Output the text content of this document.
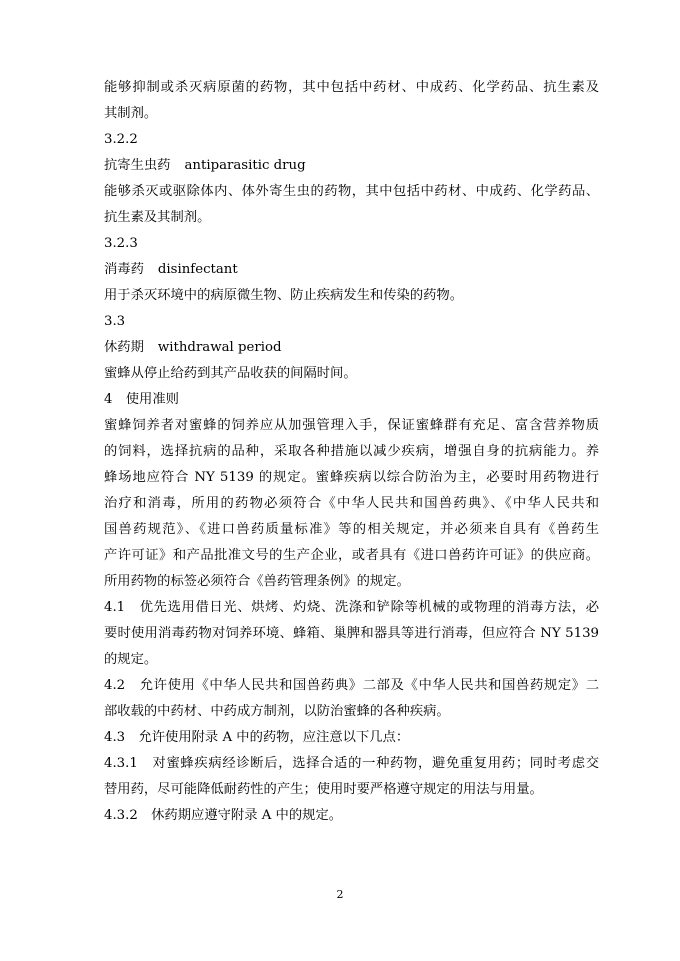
能够抑制或杀灭病原菌的药物，其中包括中药材、中成药、化学药品、抗生素及
其制剂。
3.2.2
抗寄生虫药 antiparasitic drug
能够杀灭或驱除体内、体外寄生虫的药物，其中包括中药材、中成药、化学药品、
抗生素及其制剂。
3.2.3
消毒药 disinfectant
用于杀灭环境中的病原微生物、防止疾病发生和传染的药物。
3.3
休药期 withdrawal period
蜜蜂从停止给药到其产品收获的间隔时间。
4　使用准则
蜜蜂饲养者对蜜蜂的饲养应从加强管理入手，保证蜜蜂群有充足、富含营养物质
的饲料，选择抗病的品种，采取各种措施以减少疾病，增强自身的抗病能力。养
蜂场地应符合 NY 5139 的规定。蜜蜂疾病以综合防治为主，必要时用药物进行
治疗和消毒，所用的药物必须符合《中华人民共和国兽药典》、《中华人民共和
国兽药规范》、《进口兽药质量标准》等的相关规定，并必须来自具有《兽药生
产许可证》和产品批准文号的生产企业，或者具有《进口兽药许可证》的供应商。
所用药物的标签必须符合《兽药管理条例》的规定。
4.1　优先选用借日光、烘烤、灼烧、洗涤和铲除等机械的或物理的消毒方法，必
要时使用消毒药物对饲养环境、蜂箱、巢脾和器具等进行消毒，但应符合 NY 5139
的规定。
4.2　允许使用《中华人民共和国兽药典》二部及《中华人民共和国兽药规定》二
部收载的中药材、中药成方制剂，以防治蜜蜂的各种疾病。
4.3　允许使用附录 A 中的药物，应注意以下几点：
4.3.1　对蜜蜂疾病经诊断后，选择合适的一种药物，避免重复用药；同时考虑交
替用药，尽可能降低耐药性的产生；使用时要严格遵守规定的用法与用量。
4.3.2　休药期应遵守附录 A 中的规定。
2
